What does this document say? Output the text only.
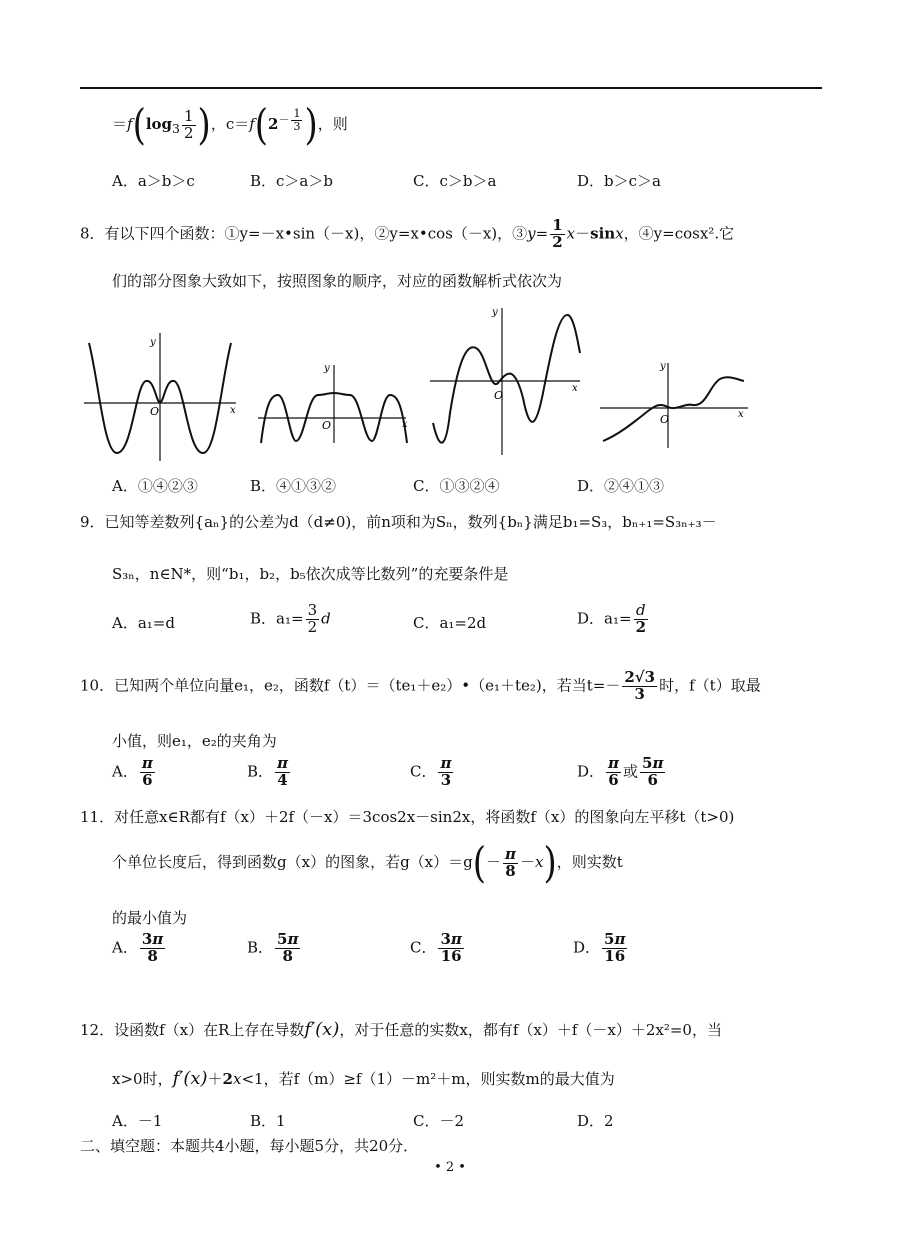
$=f(\log_3 \frac{1}{2}$ )，$c=f(2^{- \frac{1}{3}}$ )，则
A．a＞b＞c	B．c＞a＞b	C．c＞b＞a	D．b＞c＞a
8．有以下四个函数：①y=－x•sin（－x)，②y=x•cos（－x)，③y= $\frac{1}{2} x-\sin x$，④y=cosx².它
们的部分图象大致如下，按照图象的顺序，对应的函数解析式依次为
y
O	x
y
O	x
y
O
x
y
O	x
A．①④②③	B．④①③②	C．①③②④	D．②④①③
9．已知等差数列{aₙ}的公差为d（d≠0)，前n项和为Sₙ，数列{bₙ}满足b₁=S₃，bₙ₊₁=S₃ₙ₊₃－
S₃ₙ，n∈N*，则“b₁，b₂，b₅依次成等比数列”的充要条件是
A．a₁=d	B．$a_1= \frac{3}{2}$ d	C．a₁=2d	D．$a_1= \frac{d}{2}$
10．已知两个单位向量e₁，e₂，函数f（t）＝（te₁＋e₂）•（e₁＋te₂)，若当$t=- \frac{2√3}{3}$ 时，f（t）取最
小值，则e₁，e₂的夹角为
A． $\frac{\pi}{6}$	B． $\frac{\pi}{4}$	C． $\frac{\pi}{3}$	D． $\frac{\pi}{6}$ 或 $\frac{5\pi}{6}$
11．对任意x∈R都有f（x）＋2f（－x）＝3cos2x－sin2x，将函数f（x）的图象向左平移t（t>0)
个单位长度后，得到函数g（x）的图象，若$g(x)=g(- \frac{\pi}{8} -x)$，则实数t
的最小值为
A． $\frac{3\pi}{8}$	B． $\frac{5\pi}{8}$	C． $\frac{3\pi}{16}$	D． $\frac{5\pi}{16}$
12．设函数f（x）在R上存在导数f′(x)，对于任意的实数x，都有f（x）＋f（－x）＋2x²=0，当
x>0时，f′(x)＋2x<1，若f（m）≥f（1）－m²＋m，则实数m的最大值为
A．－1	B．1	C．－2	D．2
二、填空题：本题共4小题，每小题5分，共20分．
• 2 •
